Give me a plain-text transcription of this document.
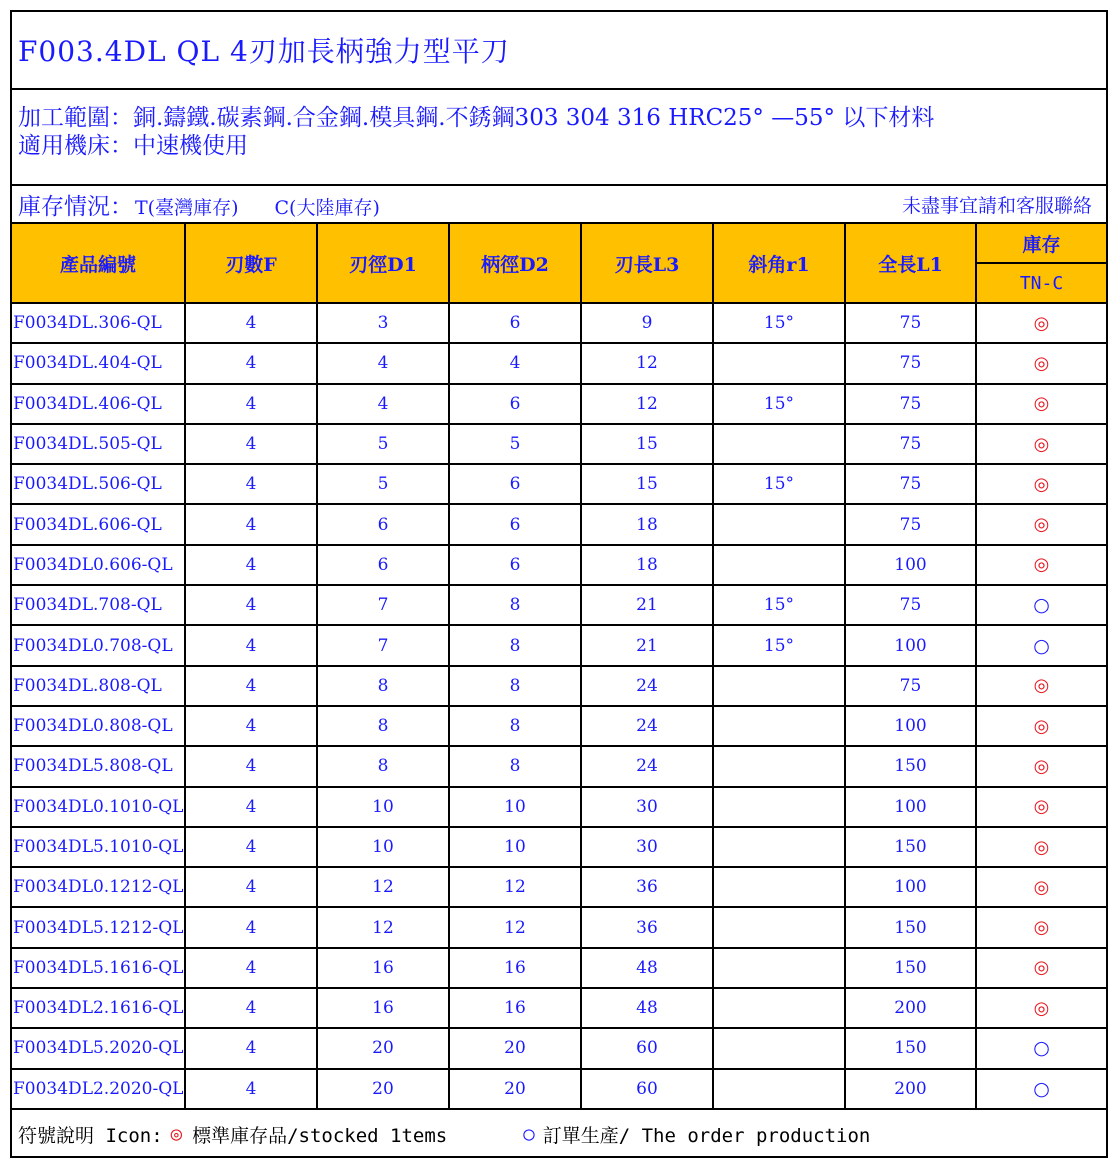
F003.4DL QL 4刃加長柄強力型平刀
加工範圍：銅.鑄鐵.碳素鋼.合金鋼.模具鋼.不銹鋼303 304 316 HRC25° —55° 以下材料
適用機床：中速機使用
庫存情況： T(臺灣庫存) C(大陸庫存)	未盡事宜請和客服聯絡
產品編號	刃數F	刃徑D1	柄徑D2	刃長L3	斜角r1	全長L1	庫存
							TN-C
F0034DL.306-QL	4	3	6	9	15°	75	◎
F0034DL.404-QL	4	4	4	12		75	◎
F0034DL.406-QL	4	4	6	12	15°	75	◎
F0034DL.505-QL	4	5	5	15		75	◎
F0034DL.506-QL	4	5	6	15	15°	75	◎
F0034DL.606-QL	4	6	6	18		75	◎
F0034DL0.606-QL	4	6	6	18		100	◎
F0034DL.708-QL	4	7	8	21	15°	75	○
F0034DL0.708-QL	4	7	8	21	15°	100	○
F0034DL.808-QL	4	8	8	24		75	◎
F0034DL0.808-QL	4	8	8	24		100	◎
F0034DL5.808-QL	4	8	8	24		150	◎
F0034DL0.1010-QL	4	10	10	30		100	◎
F0034DL5.1010-QL	4	10	10	30		150	◎
F0034DL0.1212-QL	4	12	12	36		100	◎
F0034DL5.1212-QL	4	12	12	36		150	◎
F0034DL5.1616-QL	4	16	16	48		150	◎
F0034DL2.1616-QL	4	16	16	48		200	◎
F0034DL5.2020-QL	4	20	20	60		150	○
F0034DL2.2020-QL	4	20	20	60		200	○
符號說明 Icon: ◎ 標準庫存品/stocked 1tems	○ 訂單生產/ The order production
